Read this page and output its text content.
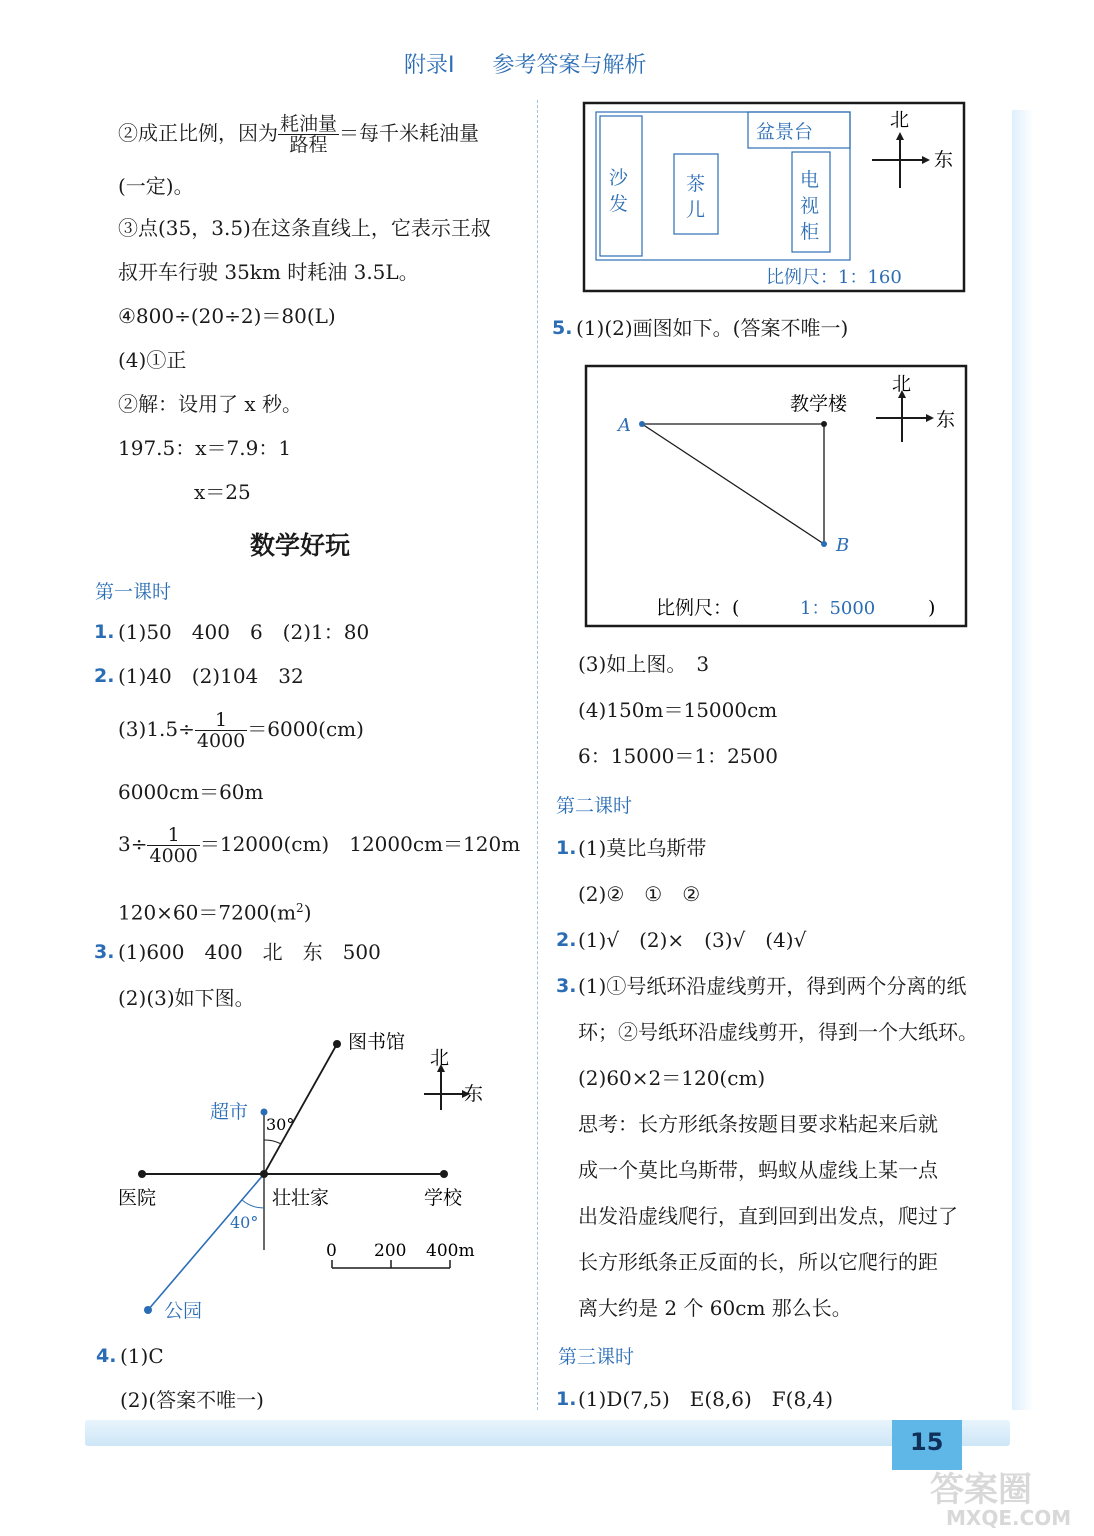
附录Ⅰ 参考答案与解析
②成正比例，因为 $\frac{\text{耗油量}}{\text{路程}}$ ＝每千米耗油量
(一定)。
③点(35，3.5)在这条直线上，它表示王叔
叔开车行驶 35km 时耗油 3.5L。
④800÷(20÷2)＝80(L)
(4)①正
②解：设用了 x 秒。
197.5：x＝7.9：1
x＝25
数学好玩
第一课时
1. (1)50　400　6　(2)1：80
2. (1)40　(2)104　32
$(3)1.5\div \frac{1}{4000} =6000(cm)$
6000cm＝60m
$3\div \frac{1}{4000} =12000(cm)$　12000cm＝120m
$120\times 60=7200(m^2)$
3. (1)600　400　北　东　500
(2)(3)如下图。
图书馆
超市
30°
医院	壮壮家	学校
40°
公园
北
东
0 200 400m
4. (1)C
(2)(答案不唯一)
盆景台
沙发
茶儿
电视柜
北
东
比例尺：1：160
5. (1)(2)画图如下。(答案不唯一)
A
B
教学楼
北
东
比例尺：(	1：5000	)
(3)如上图。　3
(4)150m＝15000cm
6：15000＝1：2500
第二课时
1. (1)莫比乌斯带
(2)②　①　②
2. (1)√　(2)×　(3)√　(4)√
3. (1)①号纸环沿虚线剪开，得到两个分离的纸
环；②号纸环沿虚线剪开，得到一个大纸环。
(2)60×2＝120(cm)
思考：长方形纸条按题目要求粘起来后就
成一个莫比乌斯带，蚂蚁从虚线上某一点
出发沿虚线爬行，直到回到出发点，爬过了
长方形纸条正反面的长，所以它爬行的距
离大约是 2 个 60cm 那么长。
第三课时
1. (1)D(7,5)　E(8,6)　F(8,4)
15
答案圈
MXQE.COM
